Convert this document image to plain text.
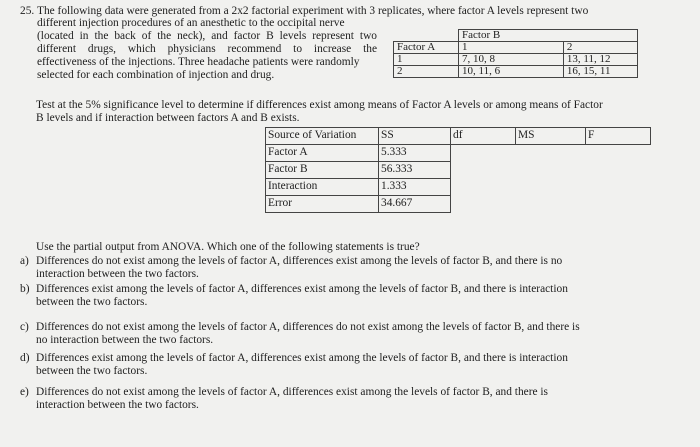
25. The following data were generated from a 2x2 factorial experiment with 3 replicates, where factor A levels represent two
different injection procedures of an anesthetic to the occipital nerve
(located in the back of the neck), and factor B levels represent two
different drugs, which physicians recommend to increase the
effectiveness of the injections. Three headache patients were randomly
selected for each combination of injection and drug.
	Factor B	
Factor A	1	2
1	7, 10, 8	13, 11, 12
2	10, 11, 6	16, 15, 11
Test at the 5% significance level to determine if differences exist among means of Factor A levels or among means of Factor
B levels and if interaction between factors A and B exists.
Source of Variation	SS	df	MS	F
Factor A	5.333			
Factor B	56.333			
Interaction	1.333			
Error	34.667			
Use the partial output from ANOVA. Which one of the following statements is true?
a) Differences do not exist among the levels of factor A, differences exist among the levels of factor B, and there is no
interaction between the two factors.
b) Differences exist among the levels of factor A, differences exist among the levels of factor B, and there is interaction
between the two factors.
c) Differences do not exist among the levels of factor A, differences do not exist among the levels of factor B, and there is
no interaction between the two factors.
d) Differences exist among the levels of factor A, differences exist among the levels of factor B, and there is interaction
between the two factors.
e) Differences do not exist among the levels of factor A, differences exist among the levels of factor B, and there is
interaction between the two factors.
